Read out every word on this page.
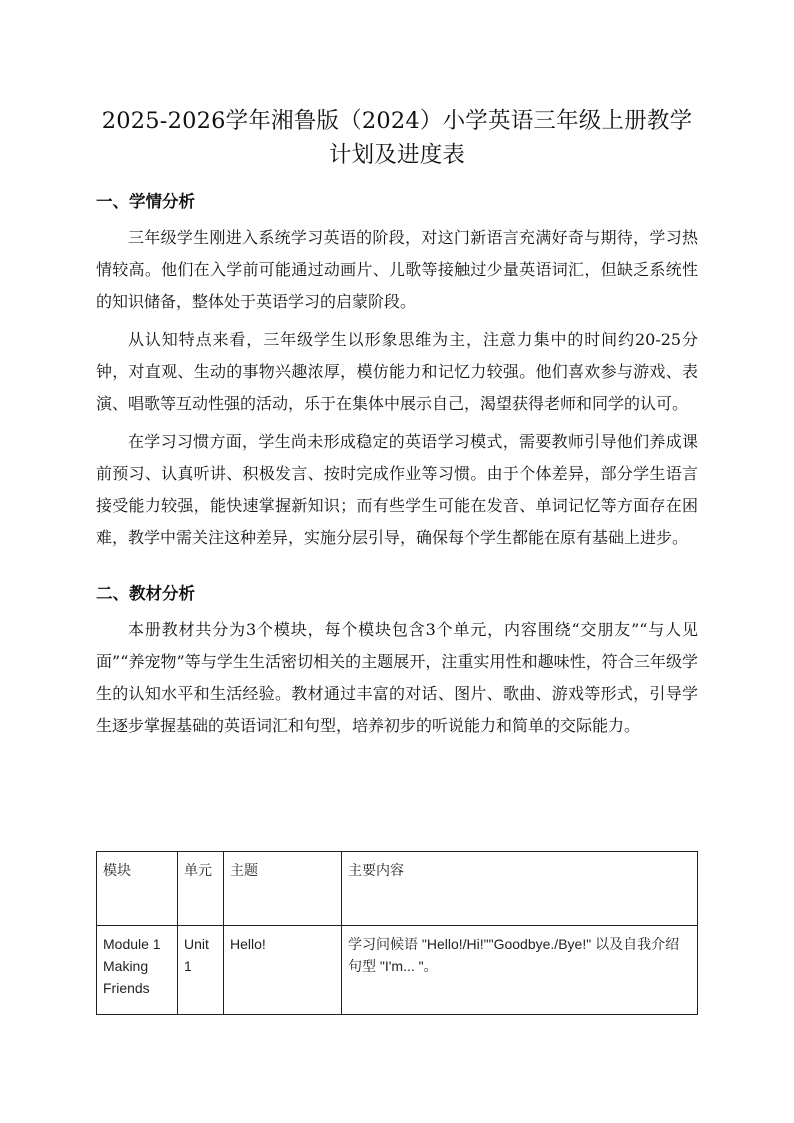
2025-2026学年湘鲁版（2024）小学英语三年级上册教学计划及进度表
一、学情分析

三年级学生刚进入系统学习英语的阶段，对这门新语言充满好奇与期待，学习热情较高。他们在入学前可能通过动画片、儿歌等接触过少量英语词汇，但缺乏系统性的知识储备，整体处于英语学习的启蒙阶段。

从认知特点来看，三年级学生以形象思维为主，注意力集中的时间约20-25分钟，对直观、生动的事物兴趣浓厚，模仿能力和记忆力较强。他们喜欢参与游戏、表演、唱歌等互动性强的活动，乐于在集体中展示自己，渴望获得老师和同学的认可。

在学习习惯方面，学生尚未形成稳定的英语学习模式，需要教师引导他们养成课前预习、认真听讲、积极发言、按时完成作业等习惯。由于个体差异，部分学生语言接受能力较强，能快速掌握新知识；而有些学生可能在发音、单词记忆等方面存在困难，教学中需关注这种差异，实施分层引导，确保每个学生都能在原有基础上进步。

二、教材分析

本册教材共分为3个模块，每个模块包含3个单元，内容围绕“交朋友”“与人见面”“养宠物”等与学生生活密切相关的主题展开，注重实用性和趣味性，符合三年级学生的认知水平和生活经验。教材通过丰富的对话、图片、歌曲、游戏等形式，引导学生逐步掌握基础的英语词汇和句型，培养初步的听说能力和简单的交际能力。

模块	单元	主题	主要内容
Module 1 Making Friends	Unit 1	Hello!	学习问候语 "Hello!/Hi!""Goodbye./Bye!" 以及自我介绍句型 "I'm... "。
